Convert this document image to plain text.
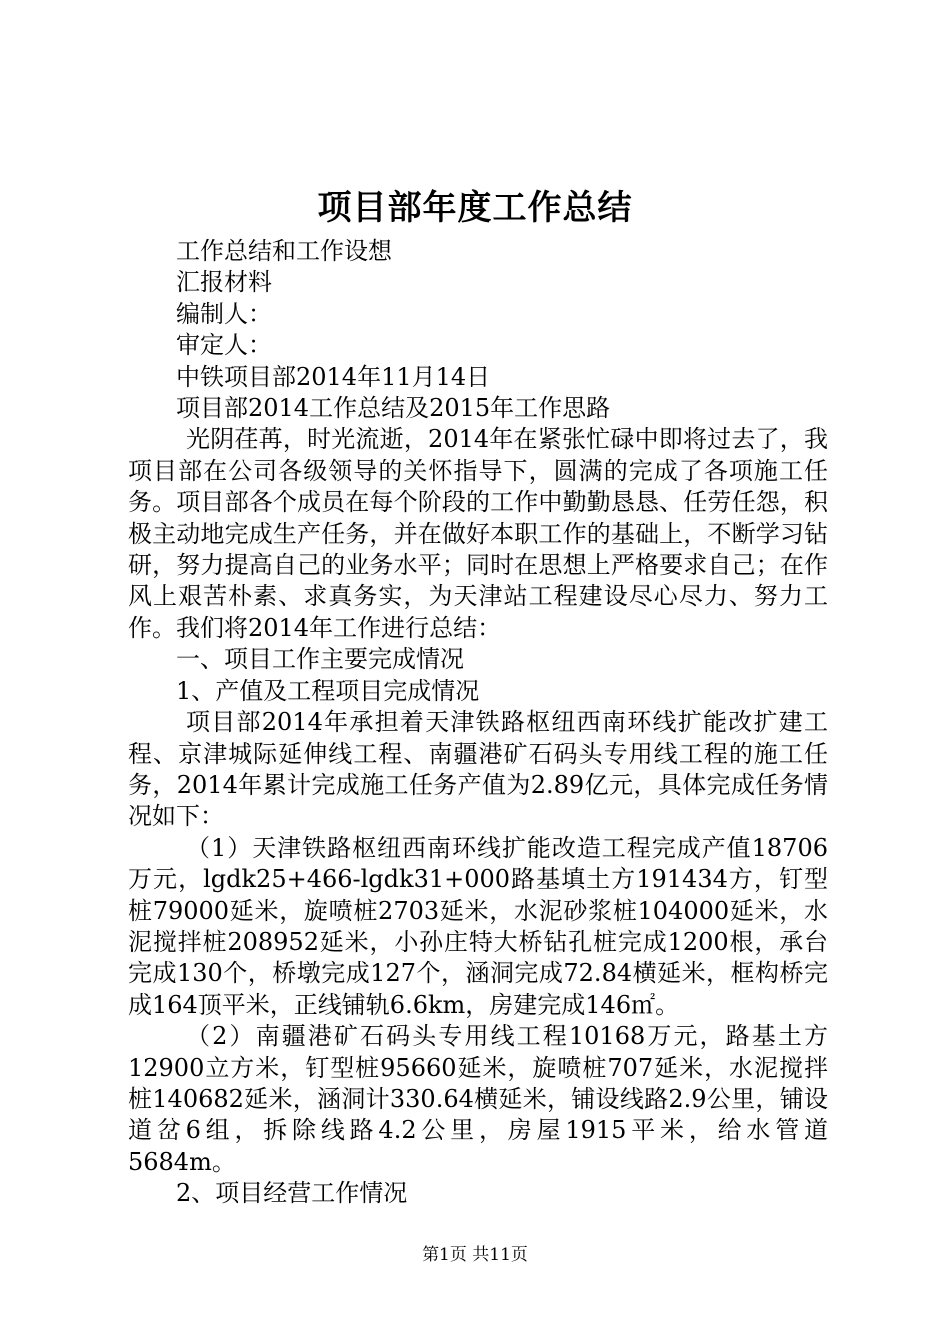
项目部年度工作总结

工作总结和工作设想

汇报材料

编制人：

审定人：

中铁项目部2014年11月14日

项目部2014工作总结及2015年工作思路

光阴荏苒，时光流逝，2014年在紧张忙碌中即将过去了，我项目部在公司各级领导的关怀指导下，圆满的完成了各项施工任务。项目部各个成员在每个阶段的工作中勤勤恳恳、任劳任怨，积极主动地完成生产任务，并在做好本职工作的基础上，不断学习钻研，努力提高自己的业务水平；同时在思想上严格要求自己；在作风上艰苦朴素、求真务实，为天津站工程建设尽心尽力、努力工作。我们将2014年工作进行总结：

一、项目工作主要完成情况

1、产值及工程项目完成情况

项目部2014年承担着天津铁路枢纽西南环线扩能改扩建工程、京津城际延伸线工程、南疆港矿石码头专用线工程的施工任务，2014年累计完成施工任务产值为2.89亿元，具体完成任务情况如下：

（1）天津铁路枢纽西南环线扩能改造工程完成产值18706万元，lgdk25+466-lgdk31+000路基填土方191434方，钉型桩79000延米，旋喷桩2703延米，水泥砂浆桩104000延米，水泥搅拌桩208952延米，小孙庄特大桥钻孔桩完成1200根，承台完成130个，桥墩完成127个，涵洞完成72.84横延米，框构桥完成164顶平米，正线铺轨6.6km，房建完成146㎡。

（2）南疆港矿石码头专用线工程10168万元，路基土方12900立方米，钉型桩95660延米，旋喷桩707延米，水泥搅拌桩140682延米，涵洞计330.64横延米，铺设线路2.9公里，铺设道岔6组，拆除线路4.2公里，房屋1915平米，给水管道5684m。

2、项目经营工作情况

第1页 共11页
